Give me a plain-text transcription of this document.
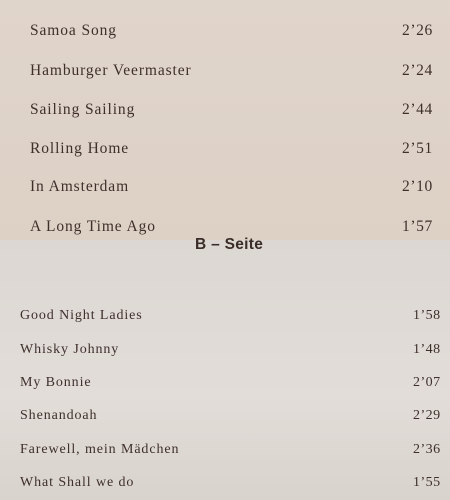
Samoa Song	2’26
Hamburger Veermaster	2’24
Sailing Sailing	2’44
Rolling Home	2’51
In Amsterdam	2’10
A Long Time Ago	1’57
B – Seite
Good Night Ladies	1’58
Whisky Johnny	1’48
My Bonnie	2’07
Shenandoah	2’29
Farewell, mein Mädchen	2’36
What Shall we do	1’55
